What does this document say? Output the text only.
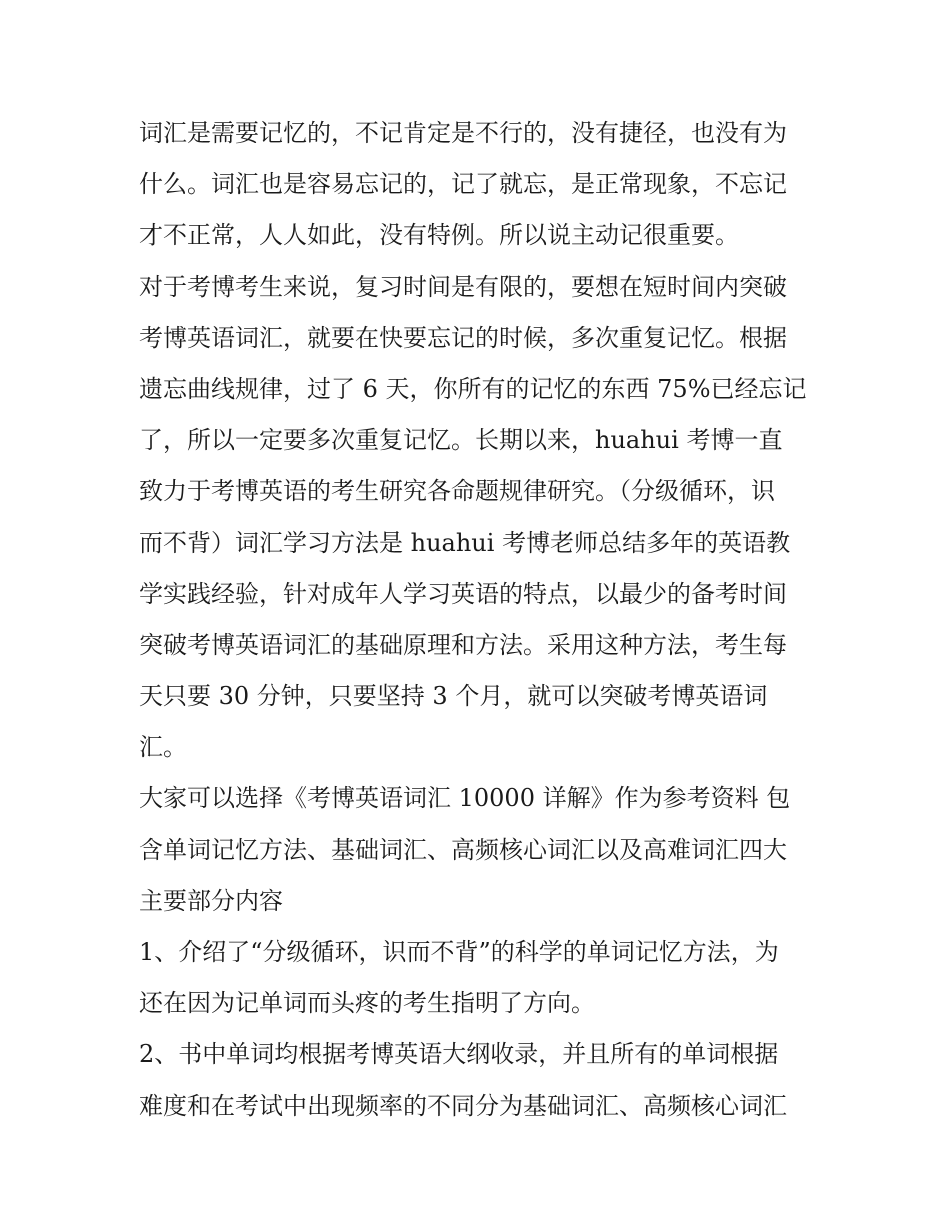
词汇是需要记忆的，不记肯定是不行的，没有捷径，也没有为
什么。词汇也是容易忘记的，记了就忘，是正常现象，不忘记
才不正常，人人如此，没有特例。所以说主动记很重要。

对于考博考生来说，复习时间是有限的，要想在短时间内突破
考博英语词汇，就要在快要忘记的时候，多次重复记忆。根据
遗忘曲线规律，过了 6 天，你所有的记忆的东西 75%已经忘记
了，所以一定要多次重复记忆。长期以来，huahui 考博一直
致力于考博英语的考生研究各命题规律研究。（分级循环，识
而不背）词汇学习方法是 huahui 考博老师总结多年的英语教
学实践经验，针对成年人学习英语的特点，以最少的备考时间
突破考博英语词汇的基础原理和方法。采用这种方法，考生每
天只要 30 分钟，只要坚持 3 个月，就可以突破考博英语词
汇。

大家可以选择《考博英语词汇 10000 详解》作为参考资料 包
含单词记忆方法、基础词汇、高频核心词汇以及高难词汇四大
主要部分内容

1、介绍了“分级循环，识而不背”的科学的单词记忆方法，为
还在因为记单词而头疼的考生指明了方向。

2、书中单词均根据考博英语大纲收录，并且所有的单词根据
难度和在考试中出现频率的不同分为基础词汇、高频核心词汇
